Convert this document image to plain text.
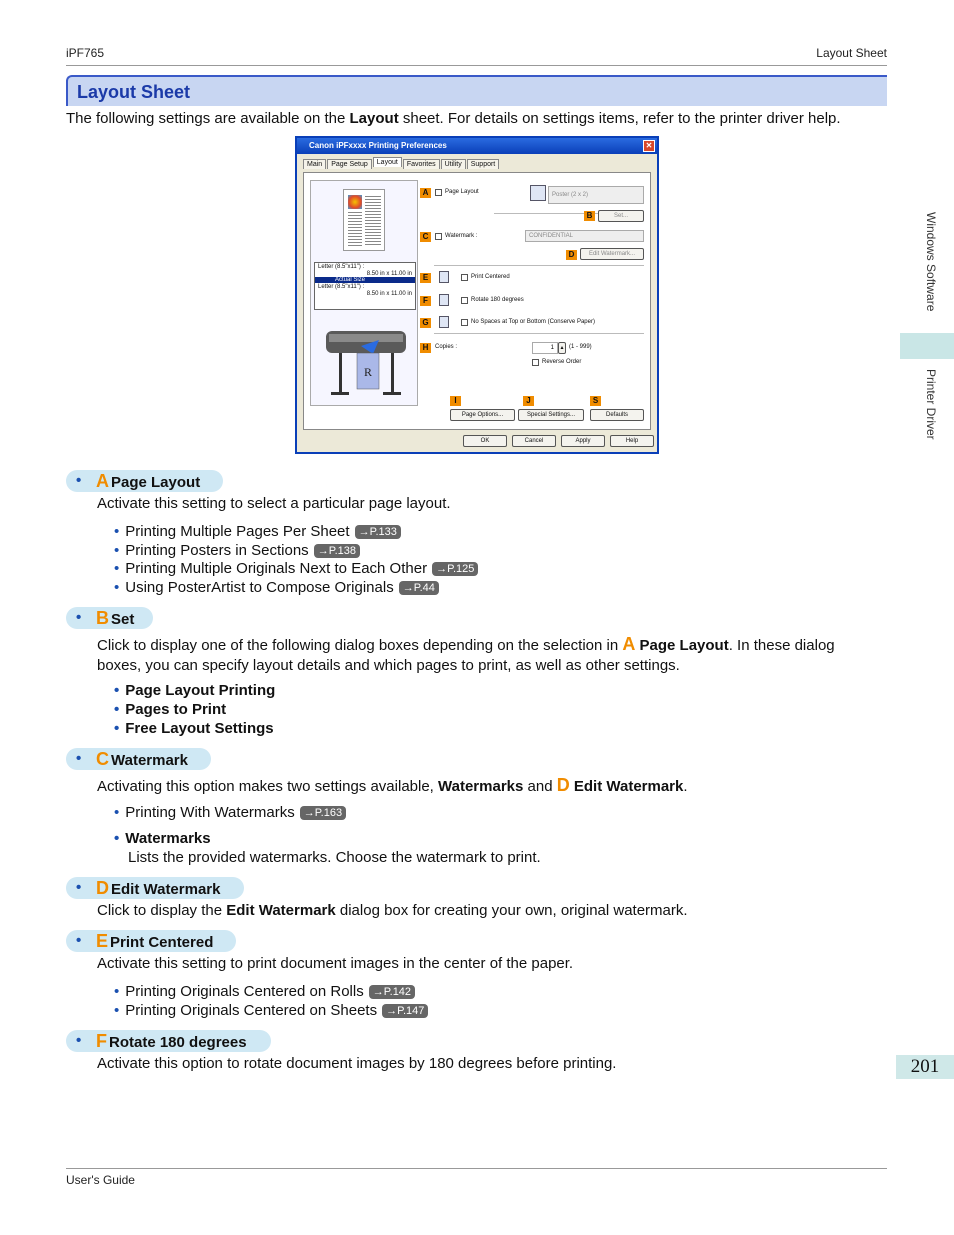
iPF765	Layout Sheet
Layout Sheet
The following settings are available on the Layout sheet. For details on settings items, refer to the printer driver help.
Windows Software
Printer Driver
201
Canon iPFxxxx Printing Preferences	✕
Main	Page Setup	Layout	Favorites	Utility	Support
Letter (8.5"x11") :
8.50 in x 11.00 in
Actual Size
Letter (8.5"x11") :
8.50 in x 11.00 in
R
A	Page Layout	Poster (2 x 2)
B	Set...
C	Watermark :	CONFIDENTIAL
D	Edit Watermark...
E	Print Centered
F	Rotate 180 degrees
G	No Spaces at Top or Bottom (Conserve Paper)
H	Copies :	1	▴ (1 - 999)
Reverse Order
I	J	S
Page Options...	Special Settings...	Defaults
OK	Cancel	Apply	Help
• A Page Layout
Activate this setting to select a particular page layout.
• Printing Multiple Pages Per Sheet →P.133
• Printing Posters in Sections →P.138
• Printing Multiple Originals Next to Each Other →P.125
• Using PosterArtist to Compose Originals →P.44
• B Set
Click to display one of the following dialog boxes depending on the selection in A Page Layout. In these dialog boxes, you can specify layout details and which pages to print, as well as other settings.
• Page Layout Printing
• Pages to Print
• Free Layout Settings
• C Watermark
Activating this option makes two settings available, Watermarks and D Edit Watermark.
• Printing With Watermarks →P.163
• Watermarks
Lists the provided watermarks. Choose the watermark to print.
• D Edit Watermark
Click to display the Edit Watermark dialog box for creating your own, original watermark.
• E Print Centered
Activate this setting to print document images in the center of the paper.
• Printing Originals Centered on Rolls →P.142
• Printing Originals Centered on Sheets →P.147
• F Rotate 180 degrees
Activate this option to rotate document images by 180 degrees before printing.
User's Guide
